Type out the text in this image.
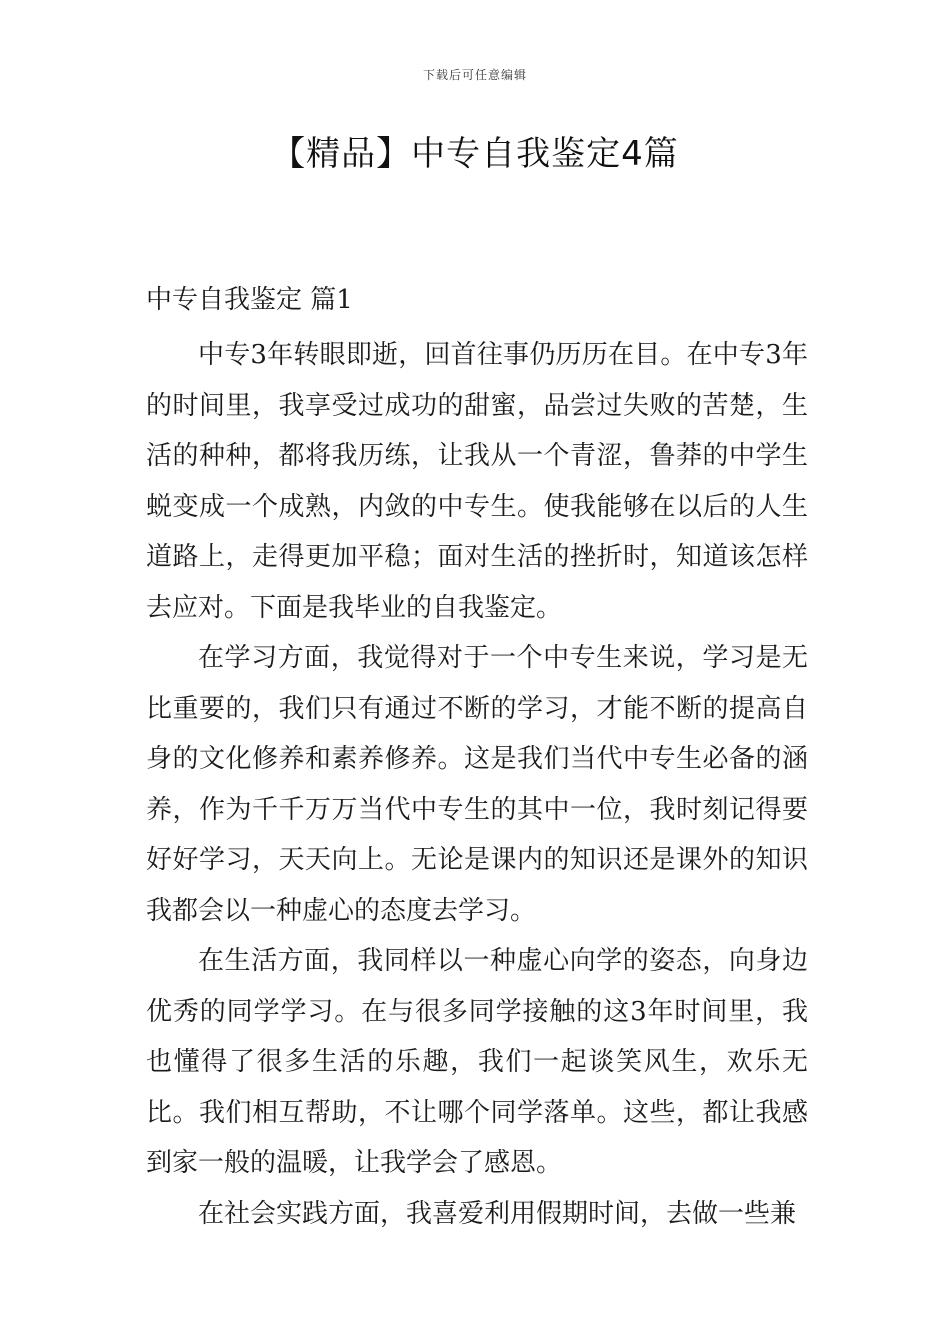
下载后可任意编辑
【精品】中专自我鉴定4篇

中专自我鉴定 篇1

中专3年转眼即逝，回首往事仍历历在目。在中专3年的时间里，我享受过成功的甜蜜，品尝过失败的苦楚，生活的种种，都将我历练，让我从一个青涩，鲁莽的中学生蜕变成一个成熟，内敛的中专生。使我能够在以后的人生道路上，走得更加平稳；面对生活的挫折时，知道该怎样去应对。下面是我毕业的自我鉴定。

在学习方面，我觉得对于一个中专生来说，学习是无比重要的，我们只有通过不断的学习，才能不断的提高自身的文化修养和素养修养。这是我们当代中专生必备的涵养，作为千千万万当代中专生的其中一位，我时刻记得要好好学习，天天向上。无论是课内的知识还是课外的知识我都会以一种虚心的态度去学习。

在生活方面，我同样以一种虚心向学的姿态，向身边优秀的同学学习。在与很多同学接触的这3年时间里，我也懂得了很多生活的乐趣，我们一起谈笑风生，欢乐无比。我们相互帮助，不让哪个同学落单。这些，都让我感到家一般的温暖，让我学会了感恩。

在社会实践方面，我喜爱利用假期时间，去做一些兼
